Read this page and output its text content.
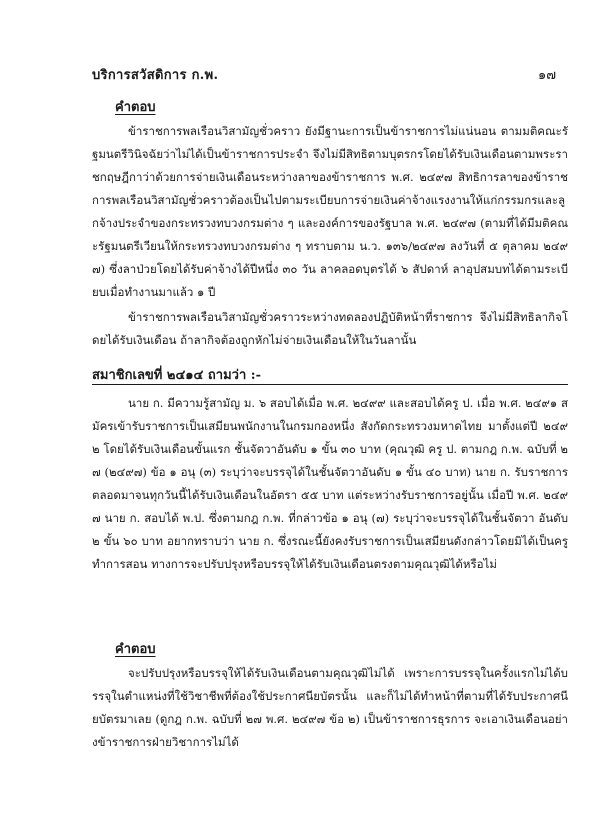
บริการสวัสดิการ ก.พ.	๑๗
คำตอบ
ข้าราชการพลเรือนวิสามัญชั่วคราว ยังมีฐานะการเป็นข้าราชการไม่แน่นอน ตามมติคณะรัฐมนตรีวินิจฉัยว่าไม่ได้เป็นข้าราชการประจำ จึงไม่มีสิทธิตามบุตรกรโดยได้รับเงินเดือนตามพระราชกฤษฎีกาว่าด้วยการจ่ายเงินเดือนระหว่างลาของข้าราชการ พ.ศ. ๒๔๙๗ สิทธิการลาของข้าราชการพลเรือนวิสามัญชั่วคราวต้องเป็นไปตามระเบียบการจ่ายเงินค่าจ้างแรงงานให้แก่กรรมกรและลูกจ้างประจำของกระทรวงทบวงกรมต่าง ๆ และองค์การของรัฐบาล พ.ศ. ๒๔๙๗ (ตามที่ได้มีมติคณะรัฐมนตรีเวียนให้กระทรวงทบวงกรมต่าง ๆ ทราบตาม น.ว. ๑๓๖/๒๔๙๗ ลงวันที่ ๕ ตุลาคม ๒๔๙๗) ซึ่งลาป่วยโดยได้รับค่าจ้างได้ปีหนึ่ง ๓๐ วัน ลาคลอดบุตรได้ ๖ สัปดาห์ ลาอุปสมบทได้ตามระเบียบเมื่อทำงานมาแล้ว ๑ ปี
ข้าราชการพลเรือนวิสามัญชั่วคราวระหว่างทดลองปฏิบัติหน้าที่ราชการ จึงไม่มีสิทธิลากิจโดยได้รับเงินเดือน ถ้าลากิจต้องถูกหักไม่จ่ายเงินเดือนให้ในวันลานั้น
สมาชิกเลขที่ ๒๔๑๔ ถามว่า :-
นาย ก. มีความรู้สามัญ ม. ๖ สอบได้เมื่อ พ.ศ. ๒๔๙๙ และสอบได้ครู ป. เมื่อ พ.ศ. ๒๔๙๑ สมัครเข้ารับราชการเป็นเสมียนพนักงานในกรมกองหนึ่ง สังกัดกระทรวงมหาดไทย มาตั้งแต่ปี ๒๔๙๒ โดยได้รับเงินเดือนขั้นแรก ชั้นจัตวาอันดับ ๑ ขั้น ๓๐ บาท (คุณวุฒิ ครู ป. ตามกฎ ก.พ. ฉบับที่ ๒๗ (๒๔๙๗) ข้อ ๑ อนุ (๓) ระบุว่าจะบรรจุได้ในชั้นจัตวาอันดับ ๑ ขั้น ๔๐ บาท) นาย ก. รับราชการตลอดมาจนทุกวันนี้ได้รับเงินเดือนในอัตรา ๕๕ บาท แต่ระหว่างรับราชการอยู่นั้น เมื่อปี พ.ศ. ๒๔๙๗ นาย ก. สอบได้ พ.ป. ซึ่งตามกฎ ก.พ. ที่กล่าวข้อ ๑ อนุ (๗) ระบุว่าจะบรรจุได้ในชั้นจัตวา อันดับ ๒ ขั้น ๖๐ บาท อยากทราบว่า นาย ก. ซึ่งรณะนี้ยังคงรับราชการเป็นเสมียนดังกล่าวโดยมิได้เป็นครูทำการสอน ทางการจะปรับปรุงหรือบรรจุให้ได้รับเงินเดือนตรงตามคุณวุฒิได้หรือไม่
คำตอบ
จะปรับปรุงหรือบรรจุให้ได้รับเงินเดือนตามคุณวุฒิไม่ได้ เพราะการบรรจุในครั้งแรกไม่ได้บรรจุในตำแหน่งที่ใช้วิชาชีพที่ต้องใช้ประกาศนียบัตรนั้น และก็ไม่ได้ทำหน้าที่ตามที่ได้รับประกาศนียบัตรมาเลย (ดูกฎ ก.พ. ฉบับที่ ๒๗ พ.ศ. ๒๔๙๗ ข้อ ๒) เป็นข้าราชการธุรการ จะเอาเงินเดือนอย่างข้าราชการฝ่ายวิชาการไม่ได้
